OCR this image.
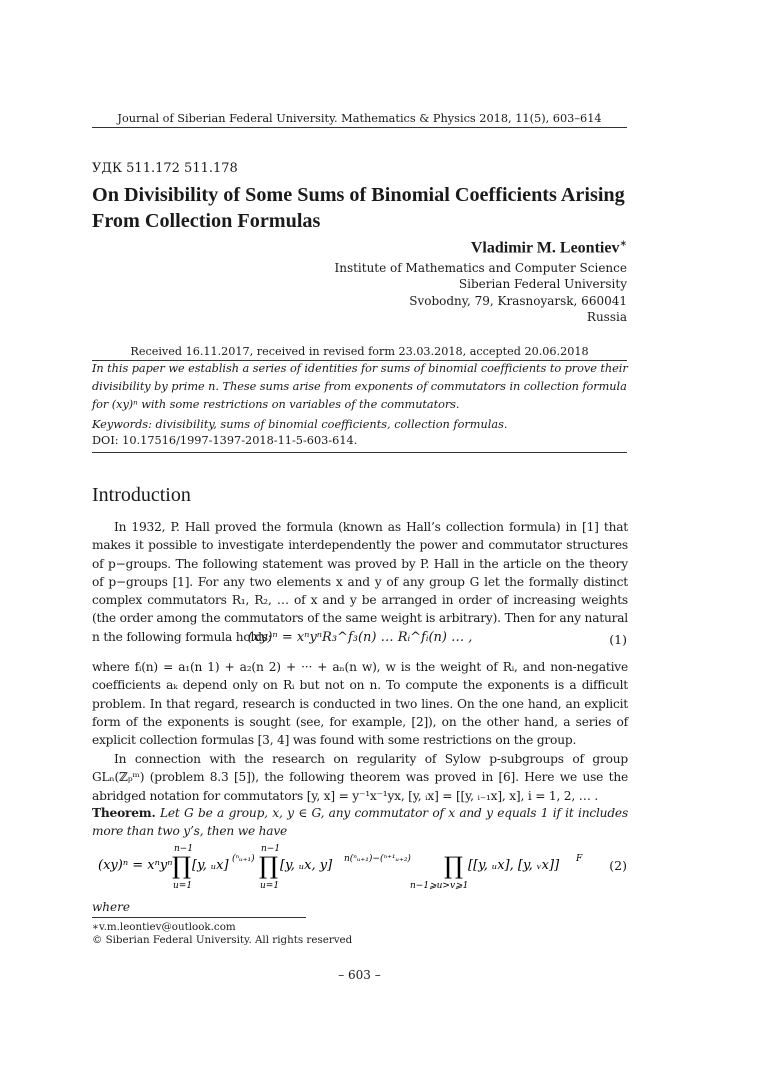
Journal of Siberian Federal University. Mathematics & Physics 2018, 11(5), 603–614
УДК 511.172 511.178
On Divisibility of Some Sums of Binomial Coefficients Arising From Collection Formulas
Vladimir M. Leontiev∗
Institute of Mathematics and Computer Science
Siberian Federal University
Svobodny, 79, Krasnoyarsk, 660041
Russia
Received 16.11.2017, received in revised form 23.03.2018, accepted 20.06.2018
In this paper we establish a series of identities for sums of binomial coefficients to prove their divisibility by prime n. These sums arise from exponents of commutators in collection formula for (xy)ⁿ with some restrictions on variables of the commutators.
Keywords: divisibility, sums of binomial coefficients, collection formulas.
DOI: 10.17516/1997-1397-2018-11-5-603-614.
Introduction

In 1932, P. Hall proved the formula (known as Hall’s collection formula) in [1] that makes it possible to investigate interdependently the power and commutator structures of p−groups. The following statement was proved by P. Hall in the article on the theory of p−groups [1]. For any two elements x and y of any group G let the formally distinct complex commutators R₁, R₂, … of x and y be arranged in order of increasing weights (the order among the commutators of the same weight is arbitrary). Then for any natural n the following formula holds:

(xy)ⁿ = xⁿyⁿR₃^f₃(n) … Rᵢ^fᵢ(n) … ,	(1)

where fᵢ(n) = a₁(n 1) + a₂(n 2) + ··· + aₙ(n w), w is the weight of Rᵢ, and non-negative coefficients aₖ depend only on Rᵢ but not on n. To compute the exponents is a difficult problem. In that regard, research is conducted in two lines. On the one hand, an explicit form of the exponents is sought (see, for example, [2]), on the other hand, a series of explicit collection formulas [3, 4] was found with some restrictions on the group.

In connection with the research on regularity of Sylow p-subgroups of group GLₙ(ℤₚᵐ) (problem 8.3 [5]), the following theorem was proved in [6]. Here we use the abridged notation for commutators [y, x] = y⁻¹x⁻¹yx, [y, ᵢx] = [[y, ᵢ₋₁x], x], i = 1, 2, … .

Theorem. Let G be a group, x, y ∈ G, any commutator of x and y equals 1 if it includes more than two y’s, then we have

(xy)ⁿ = xⁿyⁿ
n−1
∏
u=1
[y, ᵤx] (ⁿᵤ₊₁)
n−1
∏
u=1
[y, ᵤx, y] n(ⁿᵤ₊₁)−(ⁿ⁺¹ᵤ₊₂) ∏
n−1⩾u>v⩾1
[[y, ᵤx], [y, ᵥx]] F (2)
where
∗v.m.leontiev@outlook.com
© Siberian Federal University. All rights reserved
– 603 –
